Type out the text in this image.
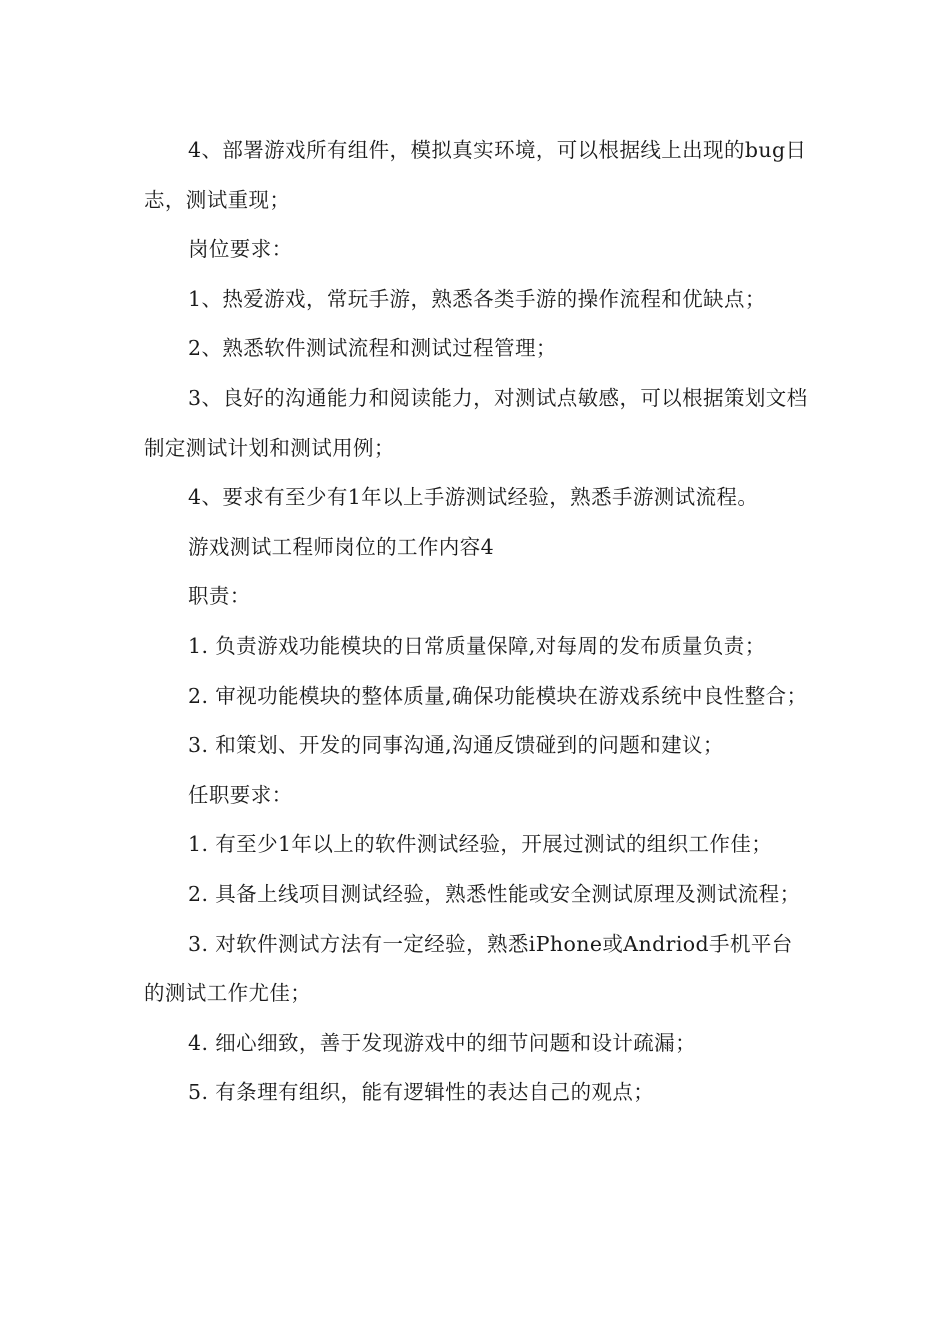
4、部署游戏所有组件，模拟真实环境，可以根据线上出现的bug日志，测试重现；

岗位要求：

1、热爱游戏，常玩手游，熟悉各类手游的操作流程和优缺点；

2、熟悉软件测试流程和测试过程管理；

3、良好的沟通能力和阅读能力，对测试点敏感，可以根据策划文档制定测试计划和测试用例；

4、要求有至少有1年以上手游测试经验，熟悉手游测试流程。

游戏测试工程师岗位的工作内容4

职责：

1. 负责游戏功能模块的日常质量保障,对每周的发布质量负责；

2. 审视功能模块的整体质量,确保功能模块在游戏系统中良性整合；

3. 和策划、开发的同事沟通,沟通反馈碰到的问题和建议；

任职要求：

1. 有至少1年以上的软件测试经验，开展过测试的组织工作佳；

2. 具备上线项目测试经验，熟悉性能或安全测试原理及测试流程；

3. 对软件测试方法有一定经验，熟悉iPhone或Andriod手机平台的测试工作尤佳；

4. 细心细致，善于发现游戏中的细节问题和设计疏漏；

5. 有条理有组织，能有逻辑性的表达自己的观点；
